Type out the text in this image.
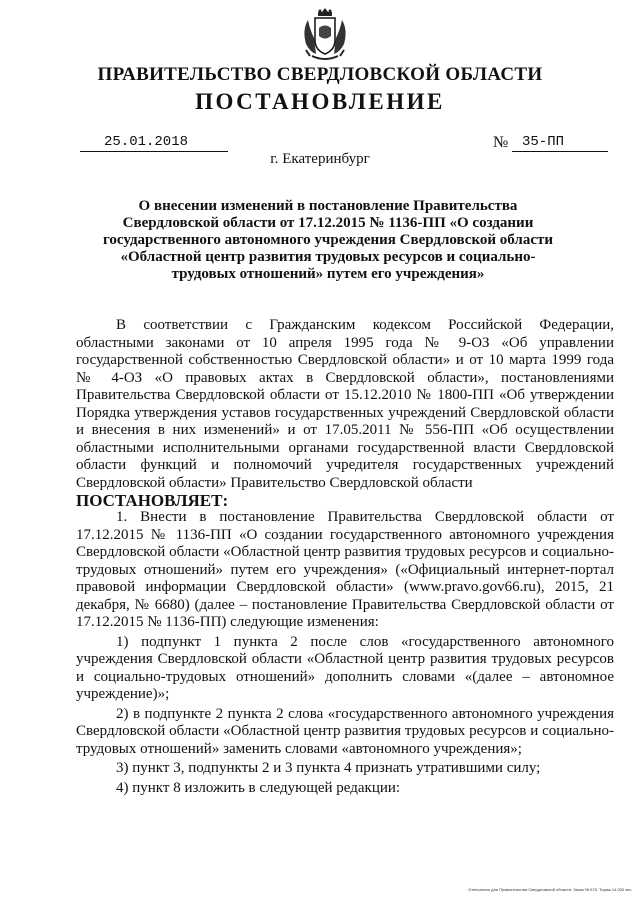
ПРАВИТЕЛЬСТВО СВЕРДЛОВСКОЙ ОБЛАСТИ
ПОСТАНОВЛЕНИЕ
25.01.2018	№ 35-ПП
г. Екатеринбург
О внесении изменений в постановление Правительства Свердловской области от 17.12.2015 № 1136-ПП «О создании государственного автономного учреждения Свердловской области «Областной центр развития трудовых ресурсов и социально-трудовых отношений» путем его учреждения»

В соответствии с Гражданским кодексом Российской Федерации, областными законами от 10 апреля 1995 года № 9-ОЗ «Об управлении государственной собственностью Свердловской области» и от 10 марта 1999 года № 4-ОЗ «О правовых актах в Свердловской области», постановлениями Правительства Свердловской области от 15.12.2010 № 1800-ПП «Об утверждении Порядка утверждения уставов государственных учреждений Свердловской области и внесения в них изменений» и от 17.05.2011 № 556-ПП «Об осуществлении областными исполнительными органами государственной власти Свердловской области функций и полномочий учредителя государственных учреждений Свердловской области» Правительство Свердловской области

ПОСТАНОВЛЯЕТ:

1. Внести в постановление Правительства Свердловской области от 17.12.2015 № 1136-ПП «О создании государственного автономного учреждения Свердловской области «Областной центр развития трудовых ресурсов и социально-трудовых отношений» путем его учреждения» («Официальный интернет-портал правовой информации Свердловской области» (www.pravo.gov66.ru), 2015, 21 декабря, № 6680) (далее – постановление Правительства Свердловской области от 17.12.2015 № 1136-ПП) следующие изменения:

1) подпункт 1 пункта 2 после слов «государственного автономного учреждения Свердловской области «Областной центр развития трудовых ресурсов и социально-трудовых отношений» дополнить словами «(далее – автономное учреждение)»;

2) в подпункте 2 пункта 2 слова «государственного автономного учреждения Свердловской области «Областной центр развития трудовых ресурсов и социально-трудовых отношений» заменить словами «автономного учреждения»;

3) пункт 3, подпункты 2 и 3 пункта 4 признать утратившими силу;

4) пункт 8 изложить в следующей редакции:

Отпечатано для Правительства Свердловской области. Заказ № 575. Тираж 14 000 экз.
